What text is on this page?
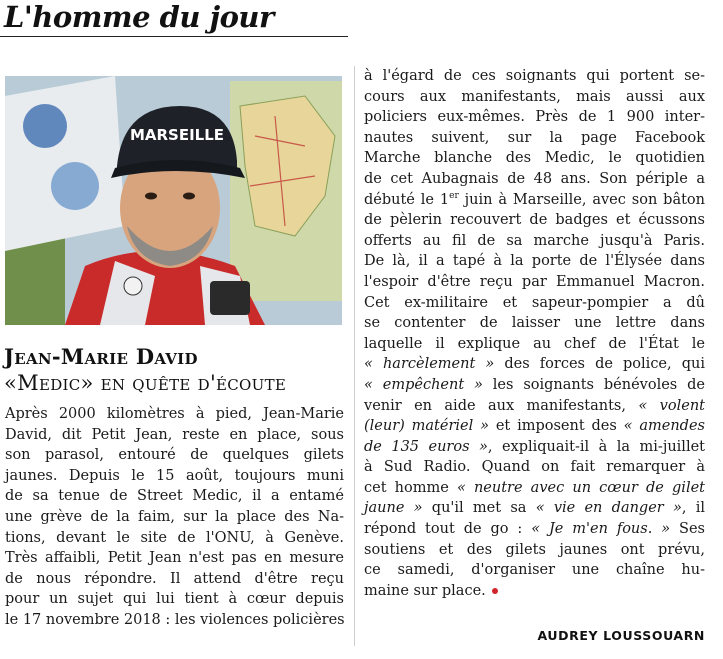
L'homme du jour
MARSEILLE
Jean-Marie David
«Medic» en quête d'écoute
Après 2000 kilomètres à pied, Jean-Marie
David, dit Petit Jean, reste en place, sous
son parasol, entouré de quelques gilets
jaunes. Depuis le 15 août, toujours muni
de sa tenue de Street Medic, il a entamé
une grève de la faim, sur la place des Na-
tions, devant le site de l'ONU, à Genève.
Très affaibli, Petit Jean n'est pas en mesure
de nous répondre. Il attend d'être reçu
pour un sujet qui lui tient à cœur depuis
le 17 novembre 2018 : les violences policières
à l'égard de ces soignants qui portent se-
cours aux manifestants, mais aussi aux
policiers eux-mêmes. Près de 1 900 inter-
nautes suivent, sur la page Facebook
Marche blanche des Medic, le quotidien
de cet Aubagnais de 48 ans. Son périple a
débuté le 1er juin à Marseille, avec son bâton
de pèlerin recouvert de badges et écussons
offerts au fil de sa marche jusqu'à Paris.
De là, il a tapé à la porte de l'Élysée dans
l'espoir d'être reçu par Emmanuel Macron.
Cet ex-militaire et sapeur-pompier a dû
se contenter de laisser une lettre dans
laquelle il explique au chef de l'État le
« harcèlement » des forces de police, qui
« empêchent » les soignants bénévoles de
venir en aide aux manifestants, « volent
(leur) matériel » et imposent des « amendes
de 135 euros », expliquait-il à la mi-juillet
à Sud Radio. Quand on fait remarquer à
cet homme « neutre avec un cœur de gilet
jaune » qu'il met sa « vie en danger », il
répond tout de go : « Je m'en fous. » Ses
soutiens et des gilets jaunes ont prévu,
ce samedi, d'organiser une chaîne hu-
maine sur place.
AUDREY LOUSSOUARN
